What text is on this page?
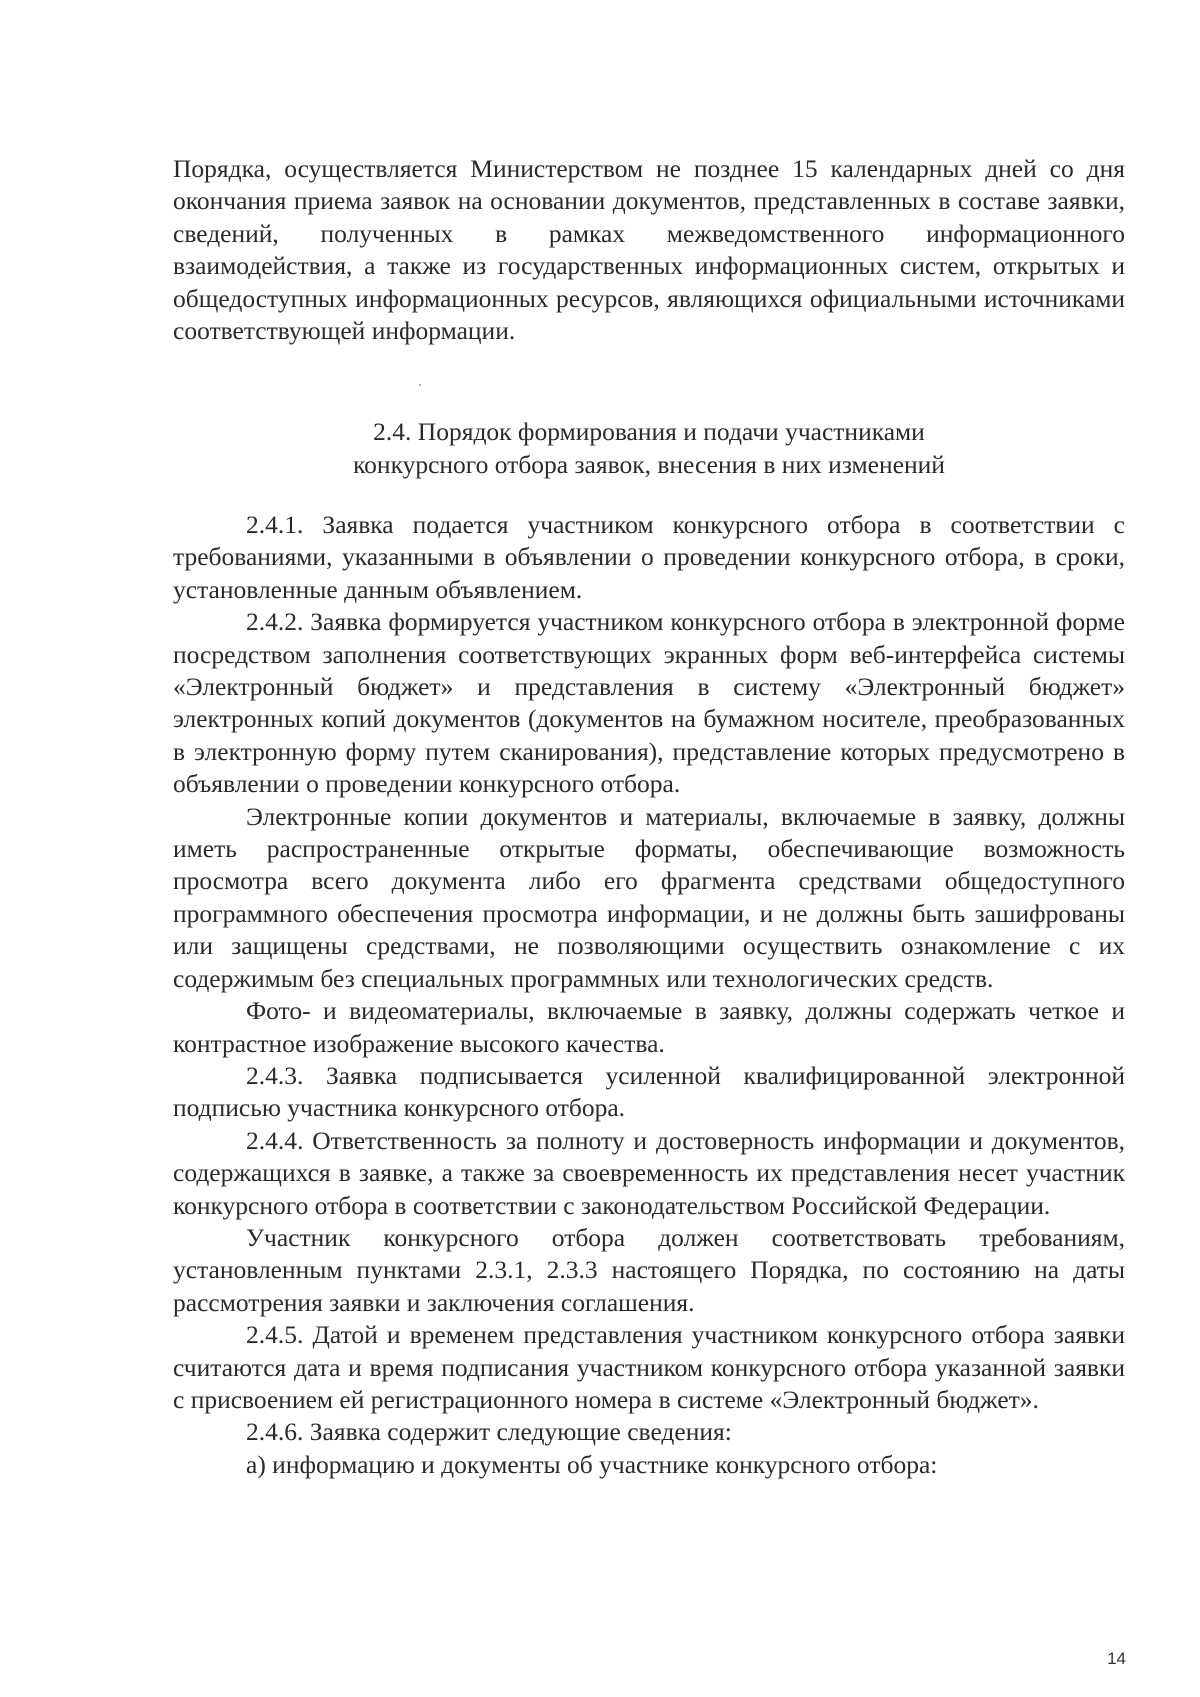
Порядка, осуществляется Министерством не позднее 15 календарных дней со дня окончания приема заявок на основании документов, представленных в составе заявки, сведений, полученных в рамках межведомственного информационного взаимодействия, а также из государственных информационных систем, открытых и общедоступных информационных ресурсов, являющихся официальными источниками соответствующей информации.

2.4. Порядок формирования и подачи участниками
конкурсного отбора заявок, внесения в них изменений

2.4.1. Заявка подается участником конкурсного отбора в соответствии с требованиями, указанными в объявлении о проведении конкурсного отбора, в сроки, установленные данным объявлением.

2.4.2. Заявка формируется участником конкурсного отбора в электронной форме посредством заполнения соответствующих экранных форм веб-интерфейса системы «Электронный бюджет» и представления в систему «Электронный бюджет» электронных копий документов (документов на бумажном носителе, преобразованных в электронную форму путем сканирования), представление которых предусмотрено в объявлении о проведении конкурсного отбора.

Электронные копии документов и материалы, включаемые в заявку, должны иметь распространенные открытые форматы, обеспечивающие возможность просмотра всего документа либо его фрагмента средствами общедоступного программного обеспечения просмотра информации, и не должны быть зашифрованы или защищены средствами, не позволяющими осуществить ознакомление с их содержимым без специальных программных или технологических средств.

Фото- и видеоматериалы, включаемые в заявку, должны содержать четкое и контрастное изображение высокого качества.

2.4.3. Заявка подписывается усиленной квалифицированной электронной подписью участника конкурсного отбора.

2.4.4. Ответственность за полноту и достоверность информации и документов, содержащихся в заявке, а также за своевременность их представления несет участник конкурсного отбора в соответствии с законодательством Российской Федерации.

Участник конкурсного отбора должен соответствовать требованиям, установленным пунктами 2.3.1, 2.3.3 настоящего Порядка, по состоянию на даты рассмотрения заявки и заключения соглашения.

2.4.5. Датой и временем представления участником конкурсного отбора заявки считаются дата и время подписания участником конкурсного отбора указанной заявки с присвоением ей регистрационного номера в системе «Электронный бюджет».

2.4.6. Заявка содержит следующие сведения:

а) информацию и документы об участнике конкурсного отбора:

14
